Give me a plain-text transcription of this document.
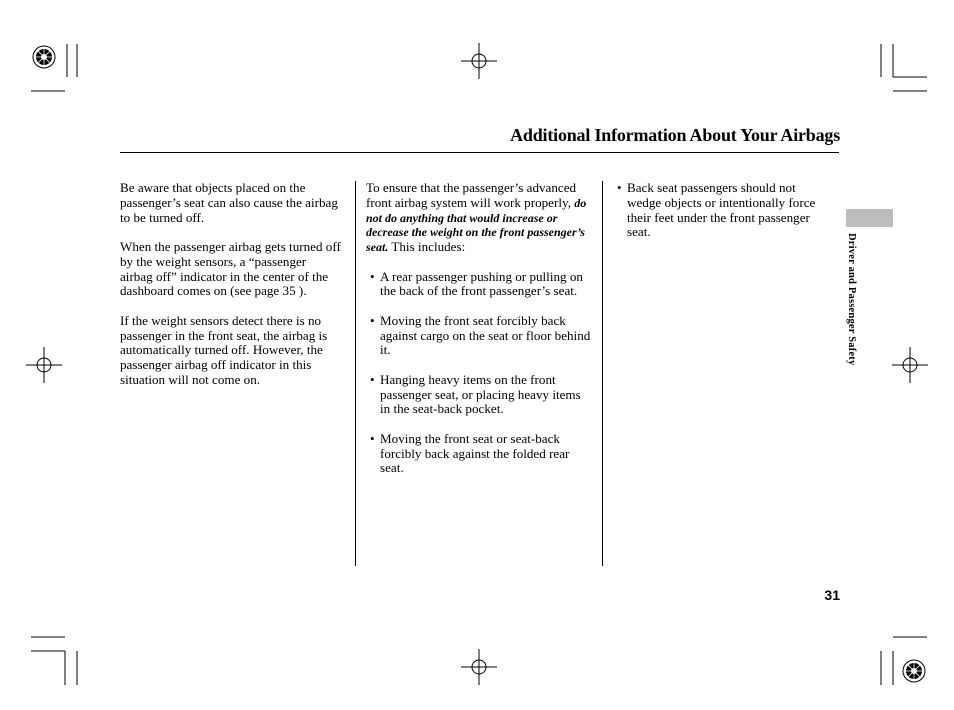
Additional Information About Your Airbags

Be aware that objects placed on the passenger’s seat can also cause the airbag to be turned off.

When the passenger airbag gets turned off by the weight sensors, a “passenger airbag off” indicator in the center of the dashboard comes on (see page 35 ).

If the weight sensors detect there is no passenger in the front seat, the airbag is automatically turned off. However, the passenger airbag off indicator in this situation will not come on.

To ensure that the passenger’s advanced front airbag system will work properly, do not do anything that would increase or decrease the weight on the front passenger’s seat. This includes:

• A rear passenger pushing or pulling on the back of the front passenger’s seat.
• Moving the front seat forcibly back against cargo on the seat or floor behind it.
• Hanging heavy items on the front passenger seat, or placing heavy items in the seat-back pocket.
• Moving the front seat or seat-back forcibly back against the folded rear seat.
• Back seat passengers should not wedge objects or intentionally force their feet under the front passenger seat.
Driver and Passenger Safety
31
